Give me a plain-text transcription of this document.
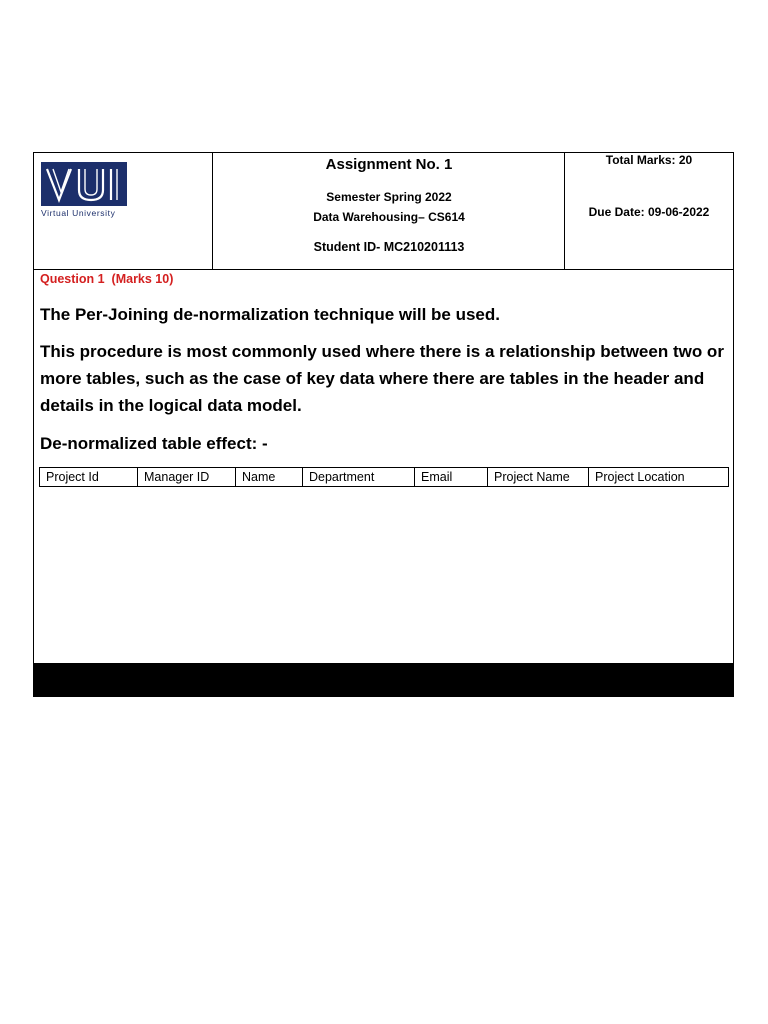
Virtual University
Assignment No. 1
Semester Spring 2022
Data Warehousing– CS614
Student ID- MC210201113
Total Marks: 20
Due Date: 09-06-2022
Question 1  (Marks 10)
The Per-Joining de-normalization technique will be used.
This procedure is most commonly used where there is a relationship between two or more tables, such as the case of key data where there are tables in the header and details in the logical data model.
De-normalized table effect: -
Project Id	Manager ID	Name	Department	Email	Project Name	Project Location
